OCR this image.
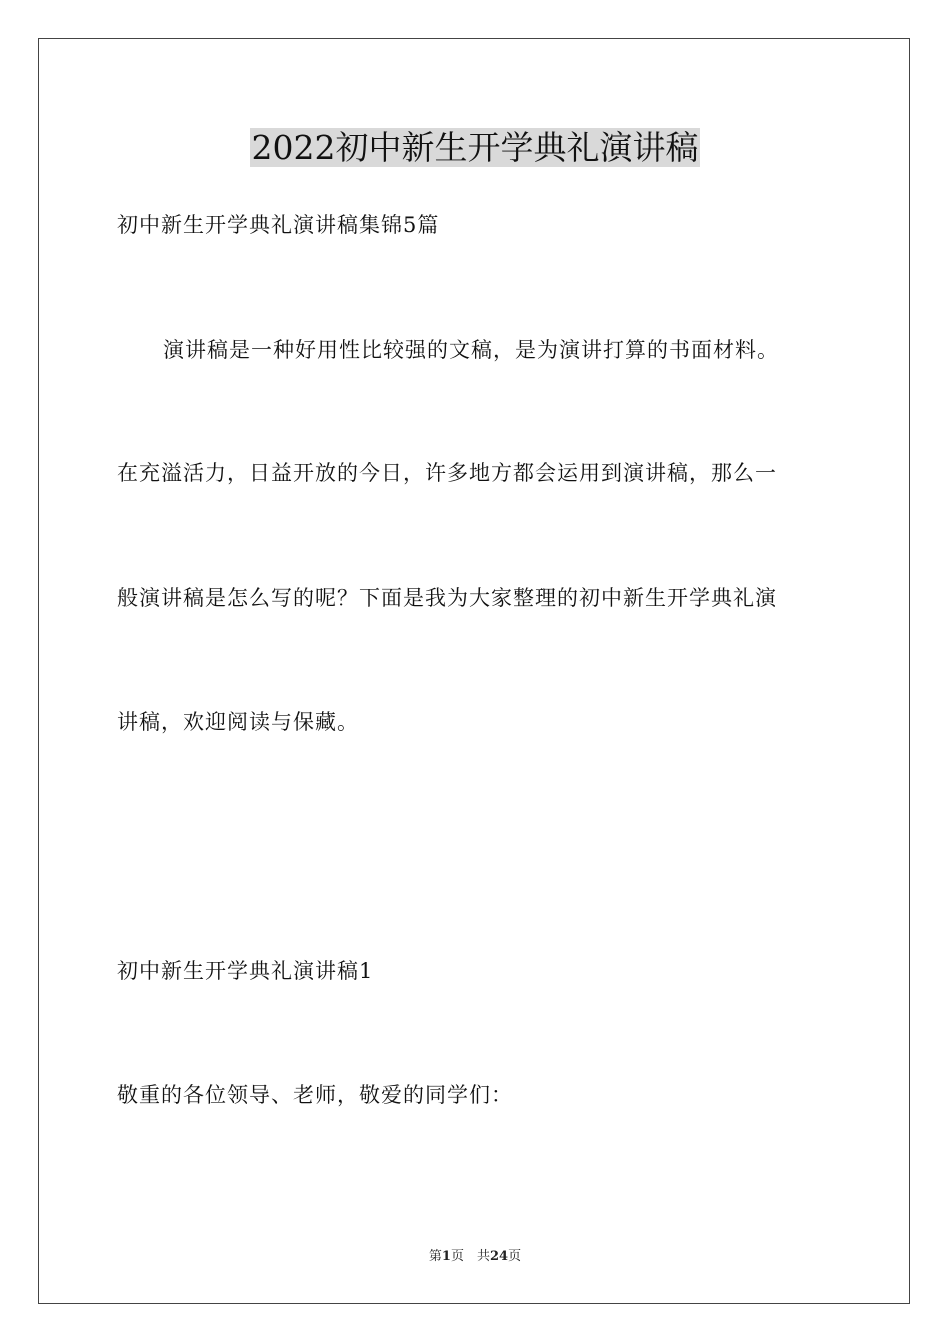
2022初中新生开学典礼演讲稿
初中新生开学典礼演讲稿集锦5篇
演讲稿是一种好用性比较强的文稿，是为演讲打算的书面材料。
在充溢活力，日益开放的今日，许多地方都会运用到演讲稿，那么一
般演讲稿是怎么写的呢？下面是我为大家整理的初中新生开学典礼演
讲稿，欢迎阅读与保藏。
初中新生开学典礼演讲稿1
敬重的各位领导、老师，敬爱的同学们：
第1页　共24页
